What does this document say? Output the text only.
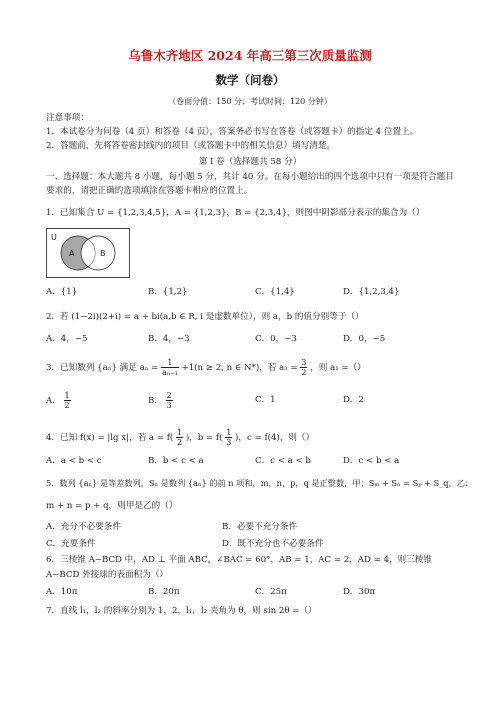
乌鲁木齐地区 2024 年高三第三次质量监测
数学（问卷）
（卷面分值：150 分；考试时间：120 分钟）
注意事项：
1．本试卷分为问卷（4 页）和答卷（4 页），答案务必书写在答卷（或答题卡）的指定 4 位置上。
2．答题前，先将答卷密封线内的项目（或答题卡中的相关信息）填写清楚。
第 I 卷（选择题共 58 分）
一、选择题：本大题共 8 小题，每小题 5 分，共计 40 分。在每小题给出的四个选项中只有一项是符合题目
要求的，请把正确的选项填涂在答题卡相应的位置上。
1．已知集合 U = {1,2,3,4,5}，A = {1,2,3}，B = {2,3,4}，则图中阴影部分表示的集合为（）
U
A	B
A．{1}	B．{1,2}	C．{1,4}	D．{1,2,3,4}
2．若 (1−2i)(2+i) = a + bi(a,b ∈ R, i 是虚数单位），则 a，b 的值分别等于（）
A．4，−5	B．4，−3	C．0，−3	D．0，−5
3．已知数列 {aₙ} 满足 $a_n = \frac{1}{\text{aₙ₋₁}} +1(n \ge 2$, n ∈ N*)，若 $a_3 = \frac{3}{2}$ ，则 a₁ =（）
A． $\frac{1}{2}$	B． $\frac{2}{3}$	C．1	D．2
4．已知 f(x) = |lg x|，若 $a = f( \frac{1}{2}$ )，$b = f( \frac{1}{3}$ )，c = f(4)，则（）
A．a < b < c	B．b < c < a	C．c < a < b	D．c < b < a
5．数列 {aₙ} 是等差数列，Sₙ 是数列 {aₙ} 的前 n 项和，m，n，p，q 是正整数，甲：Sₘ + Sₙ = Sₚ + S_q，乙：
m + n = p + q，则甲是乙的（）
A．充分不必要条件	B．必要不充分条件
C．充要条件	D．既不充分也不必要条件
6．三棱锥 A−BCD 中，AD ⊥ 平面 ABC，∠BAC = 60°，AB = 1，AC = 2，AD = 4，则三棱锥
A−BCD 外接球的表面积为（）
A．10π	B．20π	C．25π	D．30π
7．直线 l₁，l₂ 的斜率分别为 1，2，l₁，l₂ 夹角为 θ，则 sin 2θ =（）
